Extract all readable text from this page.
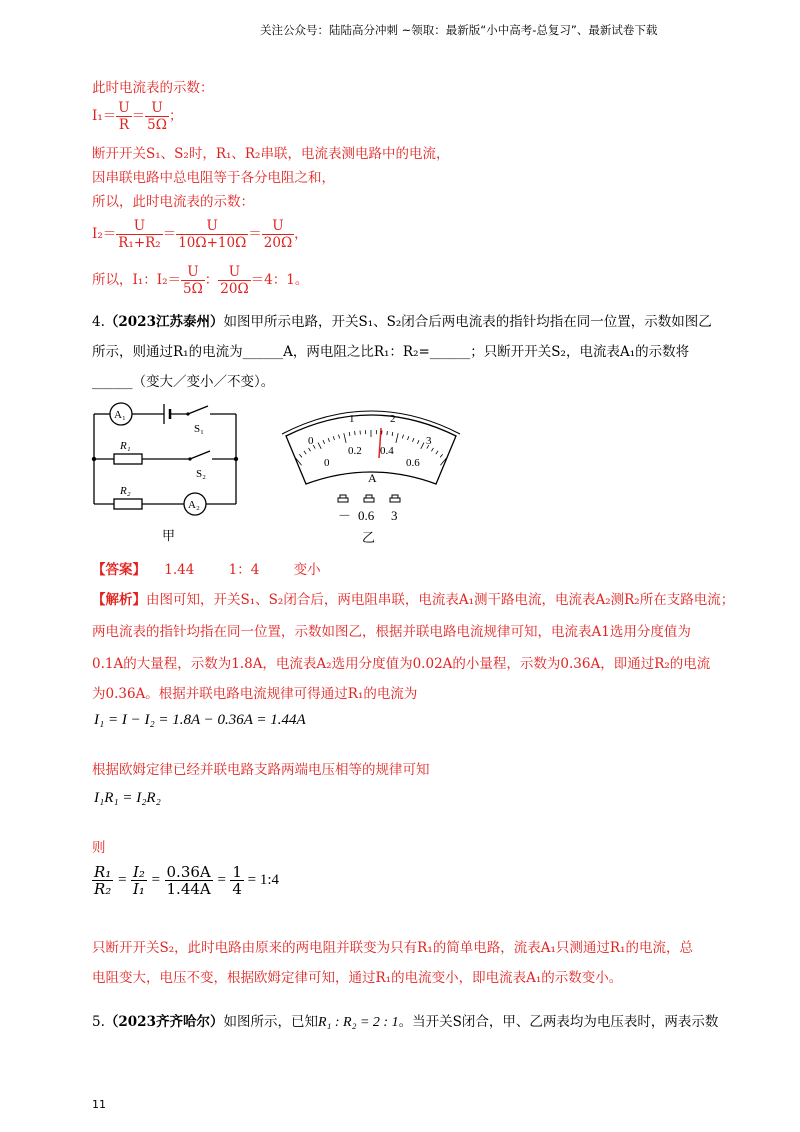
关注公众号：陆陆高分冲刺 ~领取：最新版“小中高考-总复习”、最新试卷下载
此时电流表的示数：
$I_1= \frac{U}{R} = \frac{U}{5\Omega}$ ；
断开开关S₁、S₂时，R₁、R₂串联，电流表测电路中的电流，
因串联电路中总电阻等于各分电阻之和，
所以，此时电流表的示数：
$I_2= \frac{U}{\text{R₁+R₂}} = \frac{U}{10\Omega+10\Omega} = \frac{U}{20\Omega}$ ，
所以，I₁：$I_2= \frac{U}{5\Omega}$ ： $\frac{U}{20\Omega} =4$：1。
4.（2023江苏泰州）如图甲所示电路，开关S₁、S₂闭合后两电流表的指针均指在同一位置，示数如图乙
所示，则通过R₁的电流为______A，两电阻之比R₁：R₂=______；只断开开关S₂，电流表A₁的示数将
______（变大／变小／不变）。
A₁
S₁
R₁
S₂
R₂
A₂
甲
0
1	2
3
0
0.2 0.4
0.6
A
－ 0.6 3
乙
【答案】 1.44	1：4	变小
【解析】由图可知，开关S₁、S₂闭合后，两电阻串联，电流表A₁测干路电流，电流表A₂测R₂所在支路电流；
两电流表的指针均指在同一位置，示数如图乙，根据并联电路电流规律可知，电流表A1选用分度值为
0.1A的大量程，示数为1.8A，电流表A₂选用分度值为0.02A的小量程，示数为0.36A，即通过R₂的电流
为0.36A。根据并联电路电流规律可得通过R₁的电流为
I₁ = I − I₂ = 1.8A − 0.36A = 1.44A
根据欧姆定律已经并联电路支路两端电压相等的规律可知
I₁R₁ = I₂R₂
则
$\frac{\text{R₁}}{\text{R₂}} = \frac{\text{I₂}}{\text{I₁}} = \frac{0.36A}{1.44A} = \frac{1}{4}$ = 1:4
只断开开关S₂，此时电路由原来的两电阻并联变为只有R₁的简单电路，流表A₁只测通过R₁的电流，总
电阻变大，电压不变，根据欧姆定律可知，通过R₁的电流变小，即电流表A₁的示数变小。
5.（2023齐齐哈尔）如图所示，已知R₁ : R₂ = 2 : 1。当开关S闭合，甲、乙两表均为电压表时，两表示数
11
